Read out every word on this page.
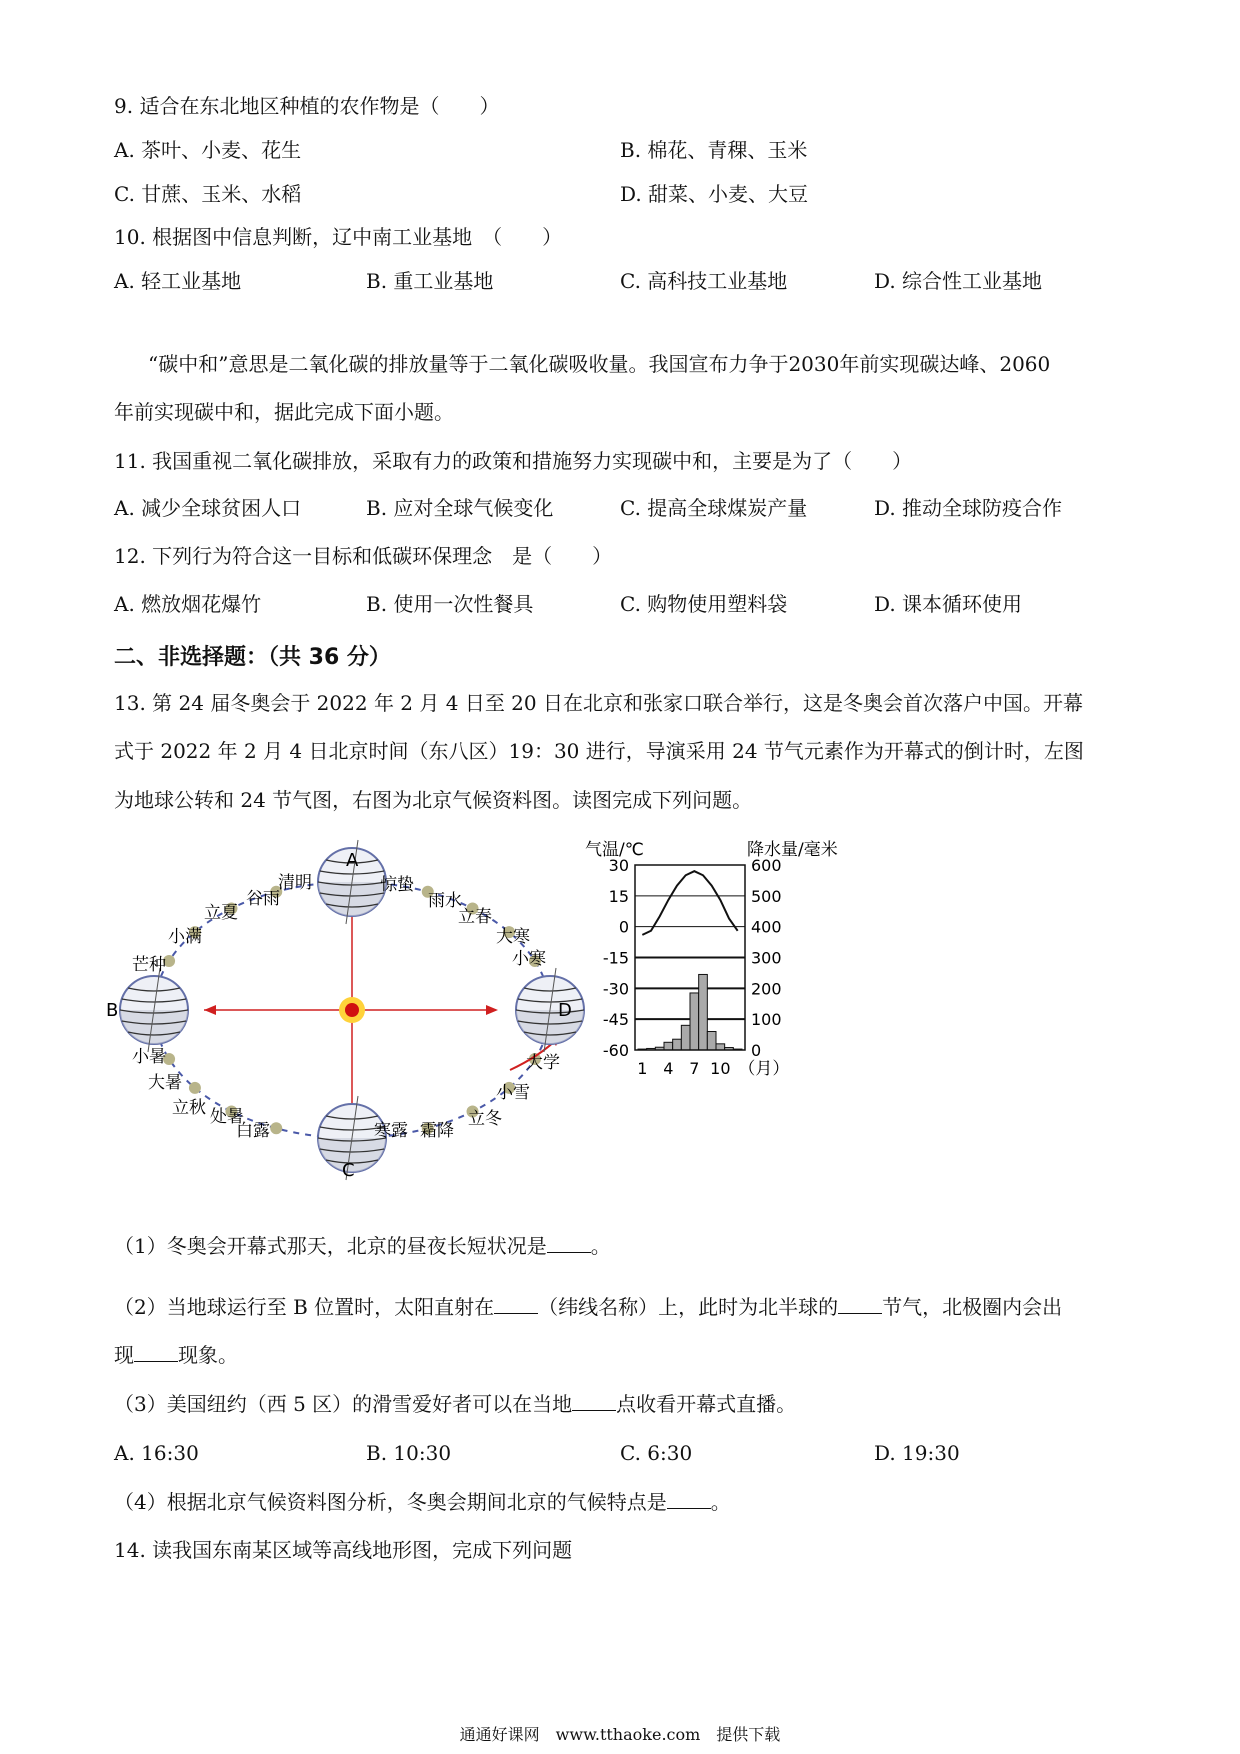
9. 适合在东北地区种植的农作物是（　　）
A. 茶叶、小麦、花生	B. 棉花、青稞、玉米
C. 甘蔗、玉米、水稻	D. 甜菜、小麦、大豆
10. 根据图中信息判断，辽中南工业基地　（　　）
A. 轻工业基地	B. 重工业基地	C. 高科技工业基地	D. 综合性工业基地
“碳中和”意思是二氧化碳的排放量等于二氧化碳吸收量。我国宣布力争于2030年前实现碳达峰、2060
年前实现碳中和，据此完成下面小题。
11. 我国重视二氧化碳排放，采取有力的政策和措施努力实现碳中和，主要是为了（　　）
A. 减少全球贫困人口	B. 应对全球气候变化	C. 提高全球煤炭产量	D. 推动全球防疫合作
12. 下列行为符合这一目标和低碳环保理念　是（　　）
A. 燃放烟花爆竹	B. 使用一次性餐具	C. 购物使用塑料袋	D. 课本循环使用
二、非选择题：（共 36 分）
13. 第 24 届冬奥会于 2022 年 2 月 4 日至 20 日在北京和张家口联合举行，这是冬奥会首次落户中国。开幕
式于 2022 年 2 月 4 日北京时间（东八区）19：30 进行，导演采用 24 节气元素作为开幕式的倒计时，左图
为地球公转和 24 节气图，右图为北京气候资料图。读图完成下列问题。
A
B
C
D
清明
谷雨
立夏
小满
芒种
惊蛰
雨水
立春
大寒
小寒
小暑
大暑
立秋 处暑
白露	寒露 霜降
立冬
小雪
大学
气温/℃	降水量/毫米
30	600
15	500
0	400
-15	300
-30	200
-45	100
-60	0
1 4 7 10 （月）
（1）冬奥会开幕式那天，北京的昼夜长短状况是 。
（2）当地球运行至 B 位置时，太阳直射在 （纬线名称）上，此时为北半球的 节气，北极圈内会出
现 现象。
（3）美国纽约（西 5 区）的滑雪爱好者可以在当地 点收看开幕式直播。
A. 16:30	B. 10:30	C. 6:30	D. 19:30
（4）根据北京气候资料图分析，冬奥会期间北京的气候特点是 。
14. 读我国东南某区域等高线地形图，完成下列问题
通通好课网　www.tthaoke.com　提供下载
